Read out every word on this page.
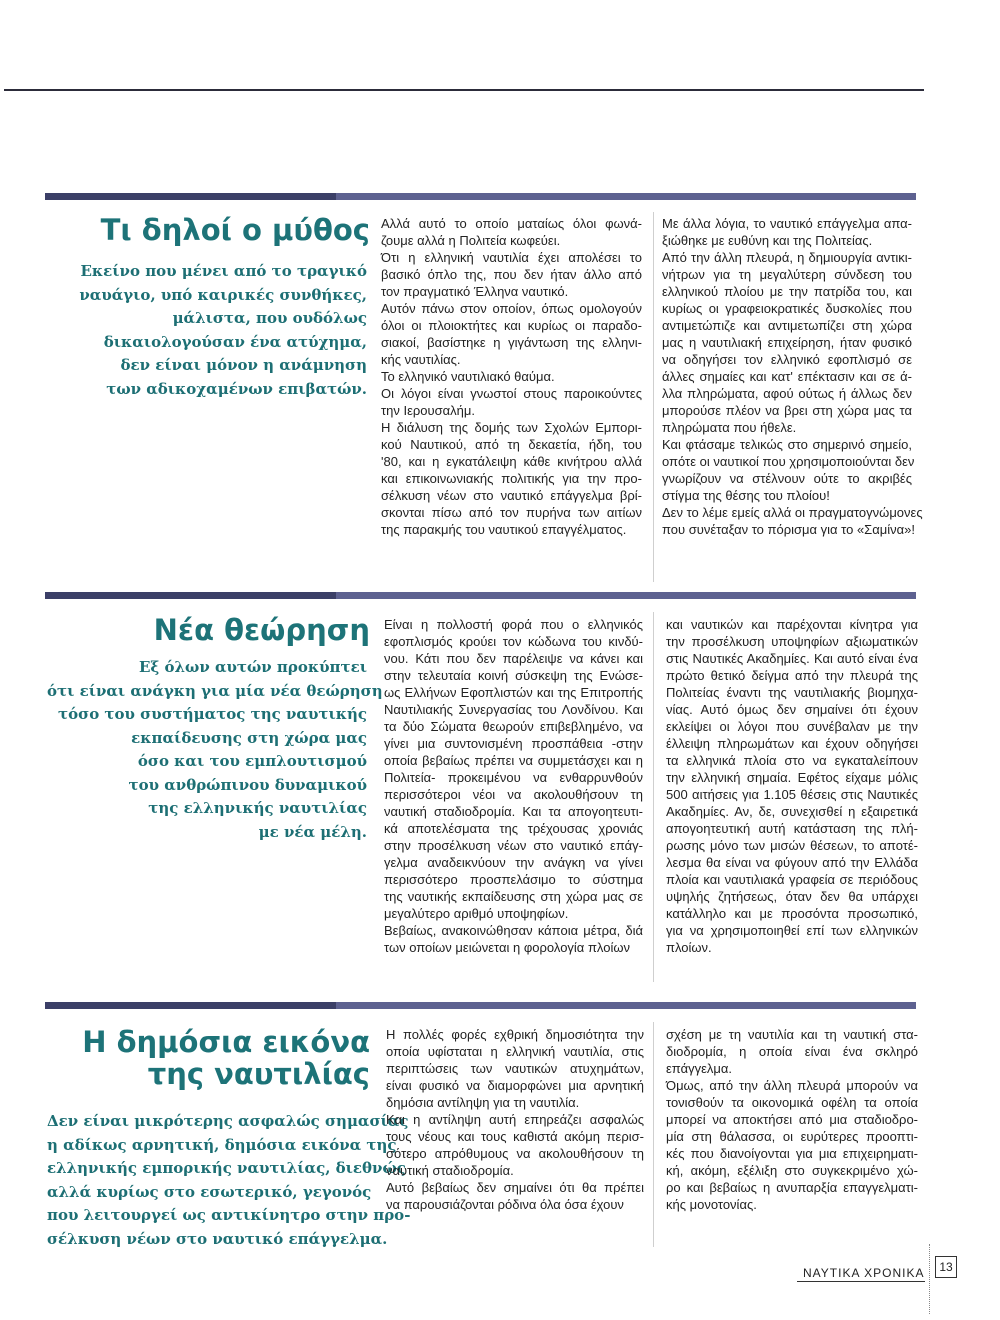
Τι δηλοί ο μύθος
Εκείνο που μένει από το τραγικό
ναυάγιο, υπό καιρικές συνθήκες,
μάλιστα, που ουδόλως
δικαιολογούσαν ένα ατύχημα,
δεν είναι μόνον η ανάμνηση
των αδικοχαμένων επιβατών.
Αλλά αυτό το οποίο ματαίως όλοι φωνά-
ζουμε αλλά η Πολιτεία κωφεύει.
Ότι η ελληνική ναυτιλία έχει απολέσει το
βασικό όπλο της, που δεν ήταν άλλο από
τον πραγματικό Έλληνα ναυτικό.
Αυτόν πάνω στον οποίον, όπως ομολογούν
όλοι οι πλοιοκτήτες και κυρίως οι παραδο-
σιακοί, βασίστηκε η γιγάντωση της ελληνι-
κής ναυτιλίας.
Το ελληνικό ναυτιλιακό θαύμα.
Οι λόγοι είναι γνωστοί στους παροικούντες
την Ιερουσαλήμ.
Η διάλυση της δομής των Σχολών Εμπορι-
κού Ναυτικού, από τη δεκαετία, ήδη, του
'80, και η εγκατάλειψη κάθε κινήτρου αλλά
και επικοινωνιακής πολιτικής για την προ-
σέλκυση νέων στο ναυτικό επάγγελμα βρί-
σκονται πίσω από τον πυρήνα των αιτίων
της παρακμής του ναυτικού επαγγέλματος.
Με άλλα λόγια, το ναυτικό επάγγελμα απα-
ξιώθηκε με ευθύνη και της Πολιτείας.
Από την άλλη πλευρά, η δημιουργία αντικι-
νήτρων για τη μεγαλύτερη σύνδεση του
ελληνικού πλοίου με την πατρίδα του, και
κυρίως οι γραφειοκρατικές δυσκολίες που
αντιμετώπιζε και αντιμετωπίζει στη χώρα
μας η ναυτιλιακή επιχείρηση, ήταν φυσικό
να οδηγήσει τον ελληνικό εφοπλισμό σε
άλλες σημαίες και κατ' επέκτασιν και σε ά-
λλα πληρώματα, αφού ούτως ή άλλως δεν
μπορούσε πλέον να βρει στη χώρα μας τα
πληρώματα που ήθελε.
Και φτάσαμε τελικώς στο σημερινό σημείο,
οπότε οι ναυτικοί που χρησιμοποιούνται δεν
γνωρίζουν να στέλνουν ούτε το ακριβές
στίγμα της θέσης του πλοίου!
Δεν το λέμε εμείς αλλά οι πραγματογνώμονες
που συνέταξαν το πόρισμα για το «Σαμίνα»!
Νέα θεώρηση
Εξ όλων αυτών προκύπτει
ότι είναι ανάγκη για μία νέα θεώρηση
τόσο του συστήματος της ναυτικής
εκπαίδευσης στη χώρα μας
όσο και του εμπλουτισμού
του ανθρώπινου δυναμικού
της ελληνικής ναυτιλίας
με νέα μέλη.
Είναι η πολλοστή φορά που ο ελληνικός
εφοπλισμός κρούει τον κώδωνα του κινδύ-
νου. Κάτι που δεν παρέλειψε να κάνει και
στην τελευταία κοινή σύσκεψη της Ενώσε-
ως Ελλήνων Εφοπλιστών και της Επιτροπής
Ναυτιλιακής Συνεργασίας του Λονδίνου. Και
τα δύο Σώματα θεωρούν επιβεβλημένο, να
γίνει μια συντονισμένη προσπάθεια -στην
οποία βεβαίως πρέπει να συμμετάσχει και η
Πολιτεία- προκειμένου να ενθαρρυνθούν
περισσότεροι νέοι να ακολουθήσουν τη
ναυτική σταδιοδρομία. Και τα απογοητευτι-
κά αποτελέσματα της τρέχουσας χρονιάς
στην προσέλκυση νέων στο ναυτικό επάγ-
γελμα αναδεικνύουν την ανάγκη να γίνει
περισσότερο προσπελάσιμο το σύστημα
της ναυτικής εκπαίδευσης στη χώρα μας σε
μεγαλύτερο αριθμό υποψηφίων.
Βεβαίως, ανακοινώθησαν κάποια μέτρα, διά
των οποίων μειώνεται η φορολογία πλοίων
και ναυτικών και παρέχονται κίνητρα για
την προσέλκυση υποψηφίων αξιωματικών
στις Ναυτικές Ακαδημίες. Και αυτό είναι ένα
πρώτο θετικό δείγμα από την πλευρά της
Πολιτείας έναντι της ναυτιλιακής βιομηχα-
νίας. Αυτό όμως δεν σημαίνει ότι έχουν
εκλείψει οι λόγοι που συνέβαλαν με την
έλλειψη πληρωμάτων και έχουν οδηγήσει
τα ελληνικά πλοία στο να εγκαταλείπουν
την ελληνική σημαία. Εφέτος είχαμε μόλις
500 αιτήσεις για 1.105 θέσεις στις Ναυτικές
Ακαδημίες. Αν, δε, συνεχισθεί η εξαιρετικά
απογοητευτική αυτή κατάσταση της πλή-
ρωσης μόνο των μισών θέσεων, το αποτέ-
λεσμα θα είναι να φύγουν από την Ελλάδα
πλοία και ναυτιλιακά γραφεία σε περιόδους
υψηλής ζητήσεως, όταν δεν θα υπάρχει
κατάλληλο και με προσόντα προσωπικό,
για να χρησιμοποιηθεί επί των ελληνικών
πλοίων.
Η δημόσια εικόνα
της ναυτιλίας
Δεν είναι μικρότερης ασφαλώς σημασίας
η αδίκως αρνητική, δημόσια εικόνα της
ελληνικής εμπορικής ναυτιλίας, διεθνώς
αλλά κυρίως στο εσωτερικό, γεγονός
που λειτουργεί ως αντικίνητρο στην προ-
σέλκυση νέων στο ναυτικό επάγγελμα.
Η πολλές φορές εχθρική δημοσιότητα την
οποία υφίσταται η ελληνική ναυτιλία, στις
περιπτώσεις των ναυτικών ατυχημάτων,
είναι φυσικό να διαμορφώνει μια αρνητική
δημόσια αντίληψη για τη ναυτιλία.
Και η αντίληψη αυτή επηρεάζει ασφαλώς
τους νέους και τους καθιστά ακόμη περισ-
σότερο απρόθυμους να ακολουθήσουν τη
ναυτική σταδιοδρομία.
Αυτό βεβαίως δεν σημαίνει ότι θα πρέπει
να παρουσιάζονται ρόδινα όλα όσα έχουν
σχέση με τη ναυτιλία και τη ναυτική στα-
διοδρομία, η οποία είναι ένα σκληρό
επάγγελμα.
Όμως, από την άλλη πλευρά μπορούν να
τονισθούν τα οικονομικά οφέλη τα οποία
μπορεί να αποκτήσει από μια σταδιοδρο-
μία στη θάλασσα, οι ευρύτερες προοπτι-
κές που διανοίγονται για μια επιχειρηματι-
κή, ακόμη, εξέλιξη στο συγκεκριμένο χώ-
ρο και βεβαίως η ανυπαρξία επαγγελματι-
κής μονοτονίας.
ΝΑΥΤΙΚΑ ΧΡΟΝΙΚΑ	13
